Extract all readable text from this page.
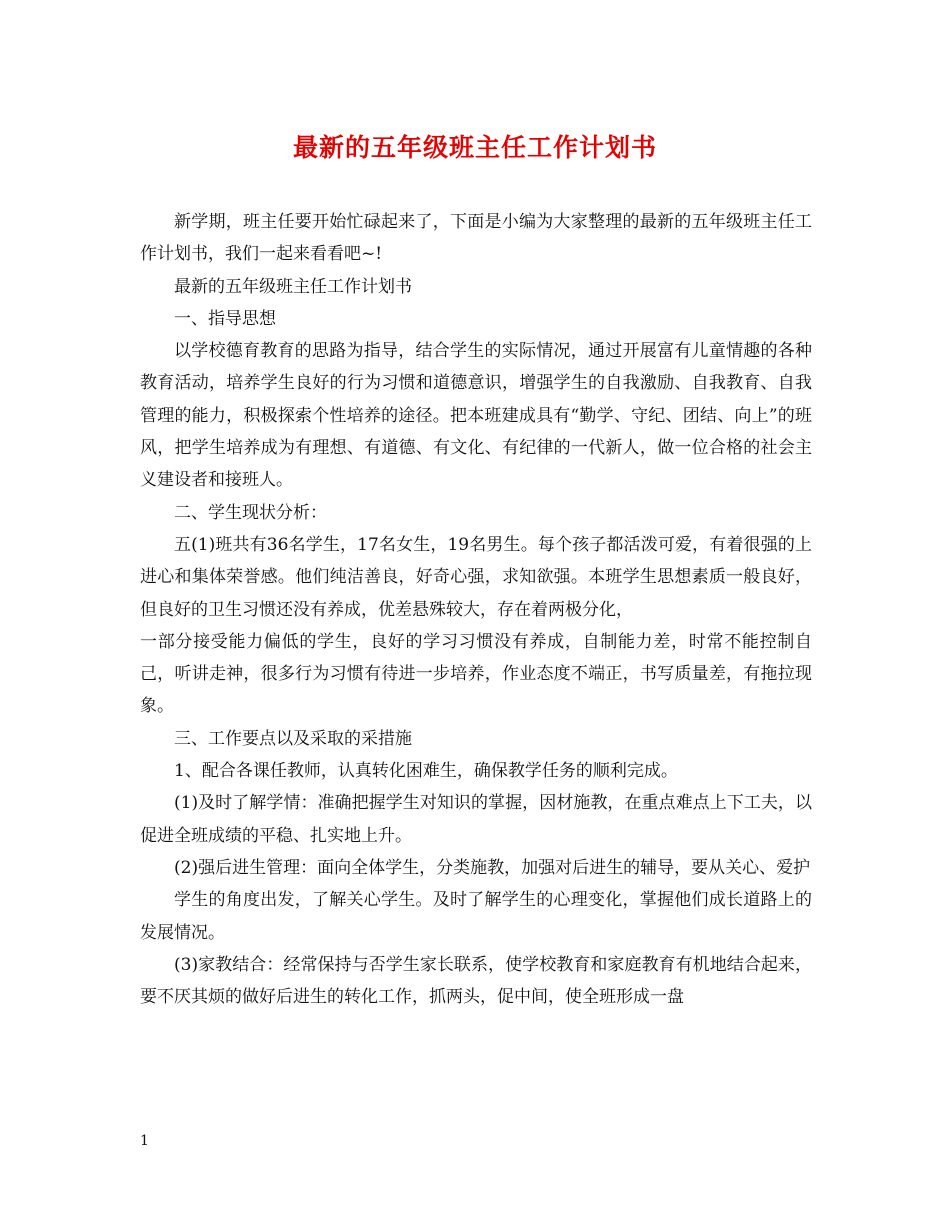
最新的五年级班主任工作计划书

新学期，班主任要开始忙碌起来了，下面是小编为大家整理的最新的五年级班主任工作计划书，我们一起来看看吧~!

最新的五年级班主任工作计划书

一、指导思想

以学校德育教育的思路为指导，结合学生的实际情况，通过开展富有儿童情趣的各种教育活动，培养学生良好的行为习惯和道德意识，增强学生的自我激励、自我教育、自我管理的能力，积极探索个性培养的途径。把本班建成具有“勤学、守纪、团结、向上”的班风，把学生培养成为有理想、有道德、有文化、有纪律的一代新人，做一位合格的社会主义建设者和接班人。

二、学生现状分析：

五(1)班共有36名学生，17名女生，19名男生。每个孩子都活泼可爱，有着很强的上进心和集体荣誉感。他们纯洁善良，好奇心强，求知欲强。本班学生思想素质一般良好，但良好的卫生习惯还没有养成，优差悬殊较大，存在着两极分化，

一部分接受能力偏低的学生，良好的学习习惯没有养成，自制能力差，时常不能控制自己，听讲走神，很多行为习惯有待进一步培养，作业态度不端正，书写质量差，有拖拉现象。

三、工作要点以及采取的采措施

1、配合各课任教师，认真转化困难生，确保教学任务的顺利完成。

(1)及时了解学情：准确把握学生对知识的掌握，因材施教，在重点难点上下工夫，以促进全班成绩的平稳、扎实地上升。

(2)强后进生管理：面向全体学生，分类施教，加强对后进生的辅导，要从关心、爱护

学生的角度出发，了解关心学生。及时了解学生的心理变化，掌握他们成长道路上的发展情况。

(3)家教结合：经常保持与否学生家长联系，使学校教育和家庭教育有机地结合起来，要不厌其烦的做好后进生的转化工作，抓两头，促中间，使全班形成一盘

1
